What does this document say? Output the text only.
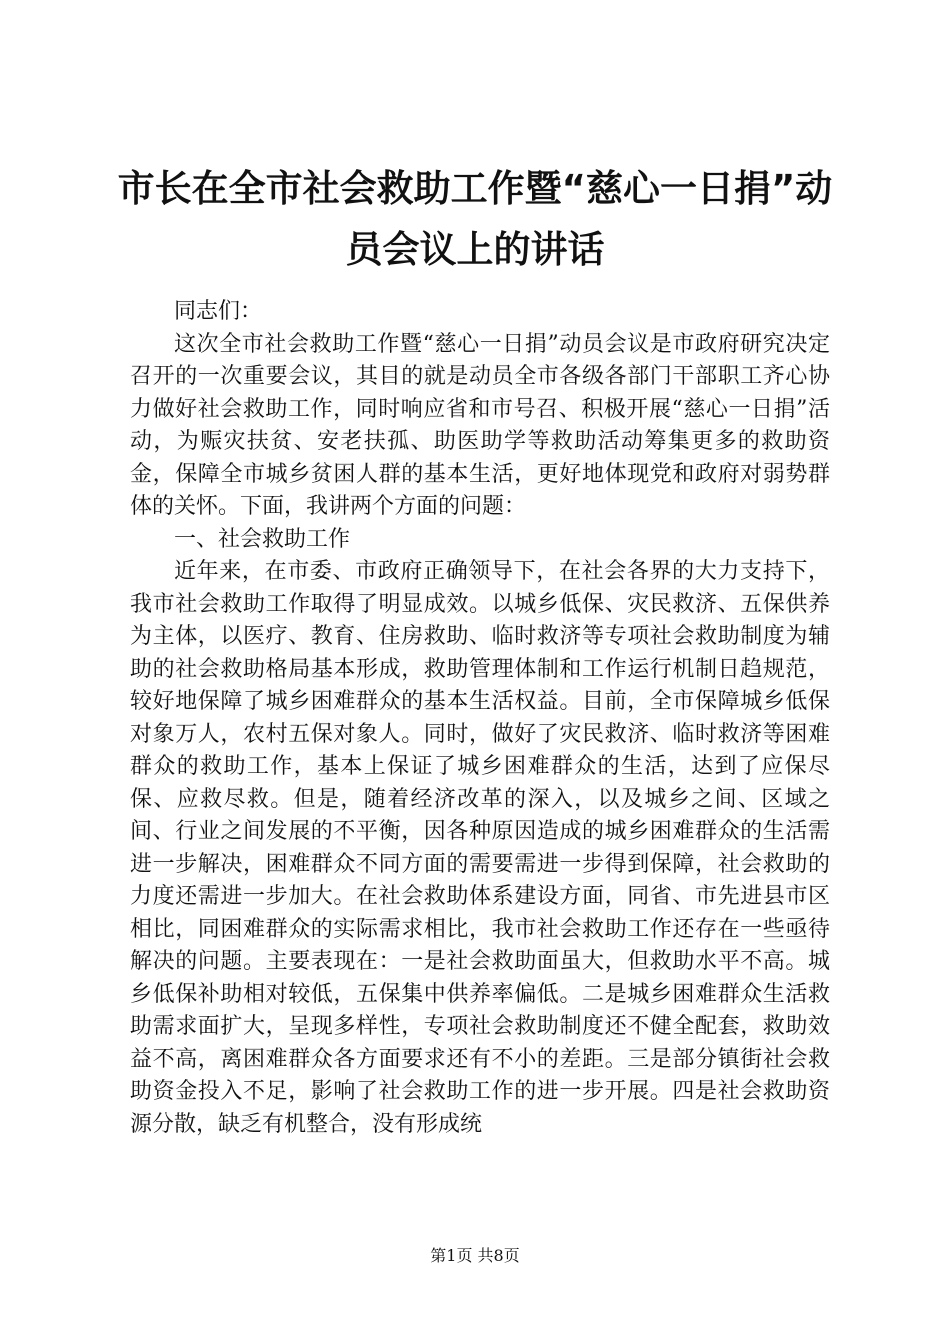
市长在全市社会救助工作暨“慈心一日捐”动员会议上的讲话

同志们：

这次全市社会救助工作暨“慈心一日捐”动员会议是市政府研究决定召开的一次重要会议，其目的就是动员全市各级各部门干部职工齐心协力做好社会救助工作，同时响应省和市号召、积极开展“慈心一日捐”活动，为赈灾扶贫、安老扶孤、助医助学等救助活动筹集更多的救助资金，保障全市城乡贫困人群的基本生活，更好地体现党和政府对弱势群体的关怀。下面，我讲两个方面的问题：

一、社会救助工作

近年来，在市委、市政府正确领导下，在社会各界的大力支持下，我市社会救助工作取得了明显成效。以城乡低保、灾民救济、五保供养为主体，以医疗、教育、住房救助、临时救济等专项社会救助制度为辅助的社会救助格局基本形成，救助管理体制和工作运行机制日趋规范，较好地保障了城乡困难群众的基本生活权益。目前，全市保障城乡低保对象万人，农村五保对象人。同时，做好了灾民救济、临时救济等困难群众的救助工作，基本上保证了城乡困难群众的生活，达到了应保尽保、应救尽救。但是，随着经济改革的深入，以及城乡之间、区域之间、行业之间发展的不平衡，因各种原因造成的城乡困难群众的生活需进一步解决，困难群众不同方面的需要需进一步得到保障，社会救助的力度还需进一步加大。在社会救助体系建设方面，同省、市先进县市区相比，同困难群众的实际需求相比，我市社会救助工作还存在一些亟待解决的问题。主要表现在：一是社会救助面虽大，但救助水平不高。城乡低保补助相对较低，五保集中供养率偏低。二是城乡困难群众生活救助需求面扩大，呈现多样性，专项社会救助制度还不健全配套，救助效益不高，离困难群众各方面要求还有不小的差距。三是部分镇街社会救助资金投入不足，影响了社会救助工作的进一步开展。四是社会救助资源分散，缺乏有机整合，没有形成统

第1页 共8页
